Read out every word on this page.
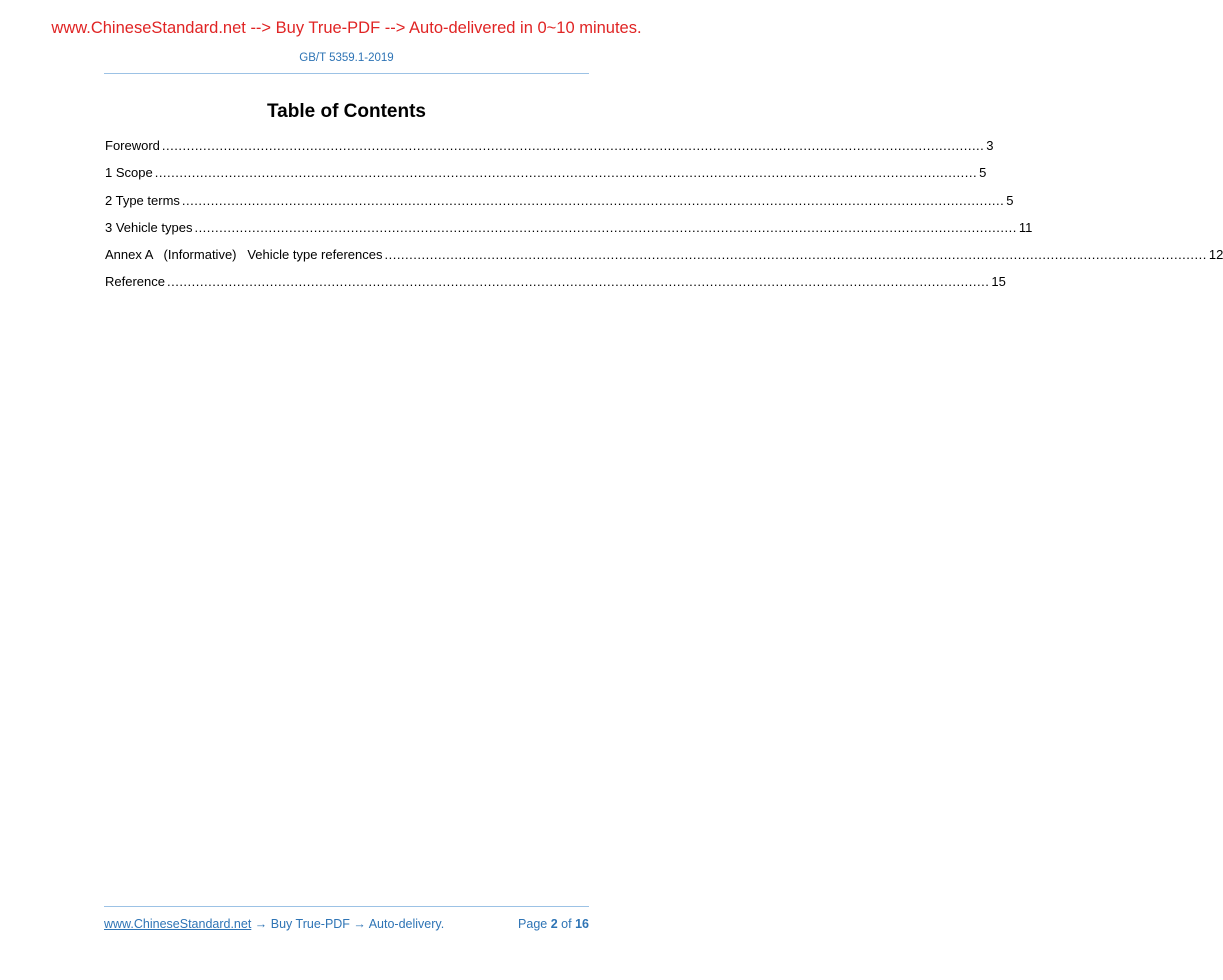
www.ChineseStandard.net --> Buy True-PDF --> Auto-delivered in 0~10 minutes.
GB/T 5359.1-2019
Table of Contents
Foreword ........................................................................................................................................................................................................ 3
1 Scope ........................................................................................................................................................................................................ 5
2 Type terms ........................................................................................................................................................................................................ 5
3 Vehicle types ........................................................................................................................................................................................................ 11
Annex A   (Informative)   Vehicle type references ........................................................................................................................................................................................................ 12
Reference ........................................................................................................................................................................................................ 15
www.ChineseStandard.net → Buy True-PDF → Auto-delivery.	Page 2 of 16
